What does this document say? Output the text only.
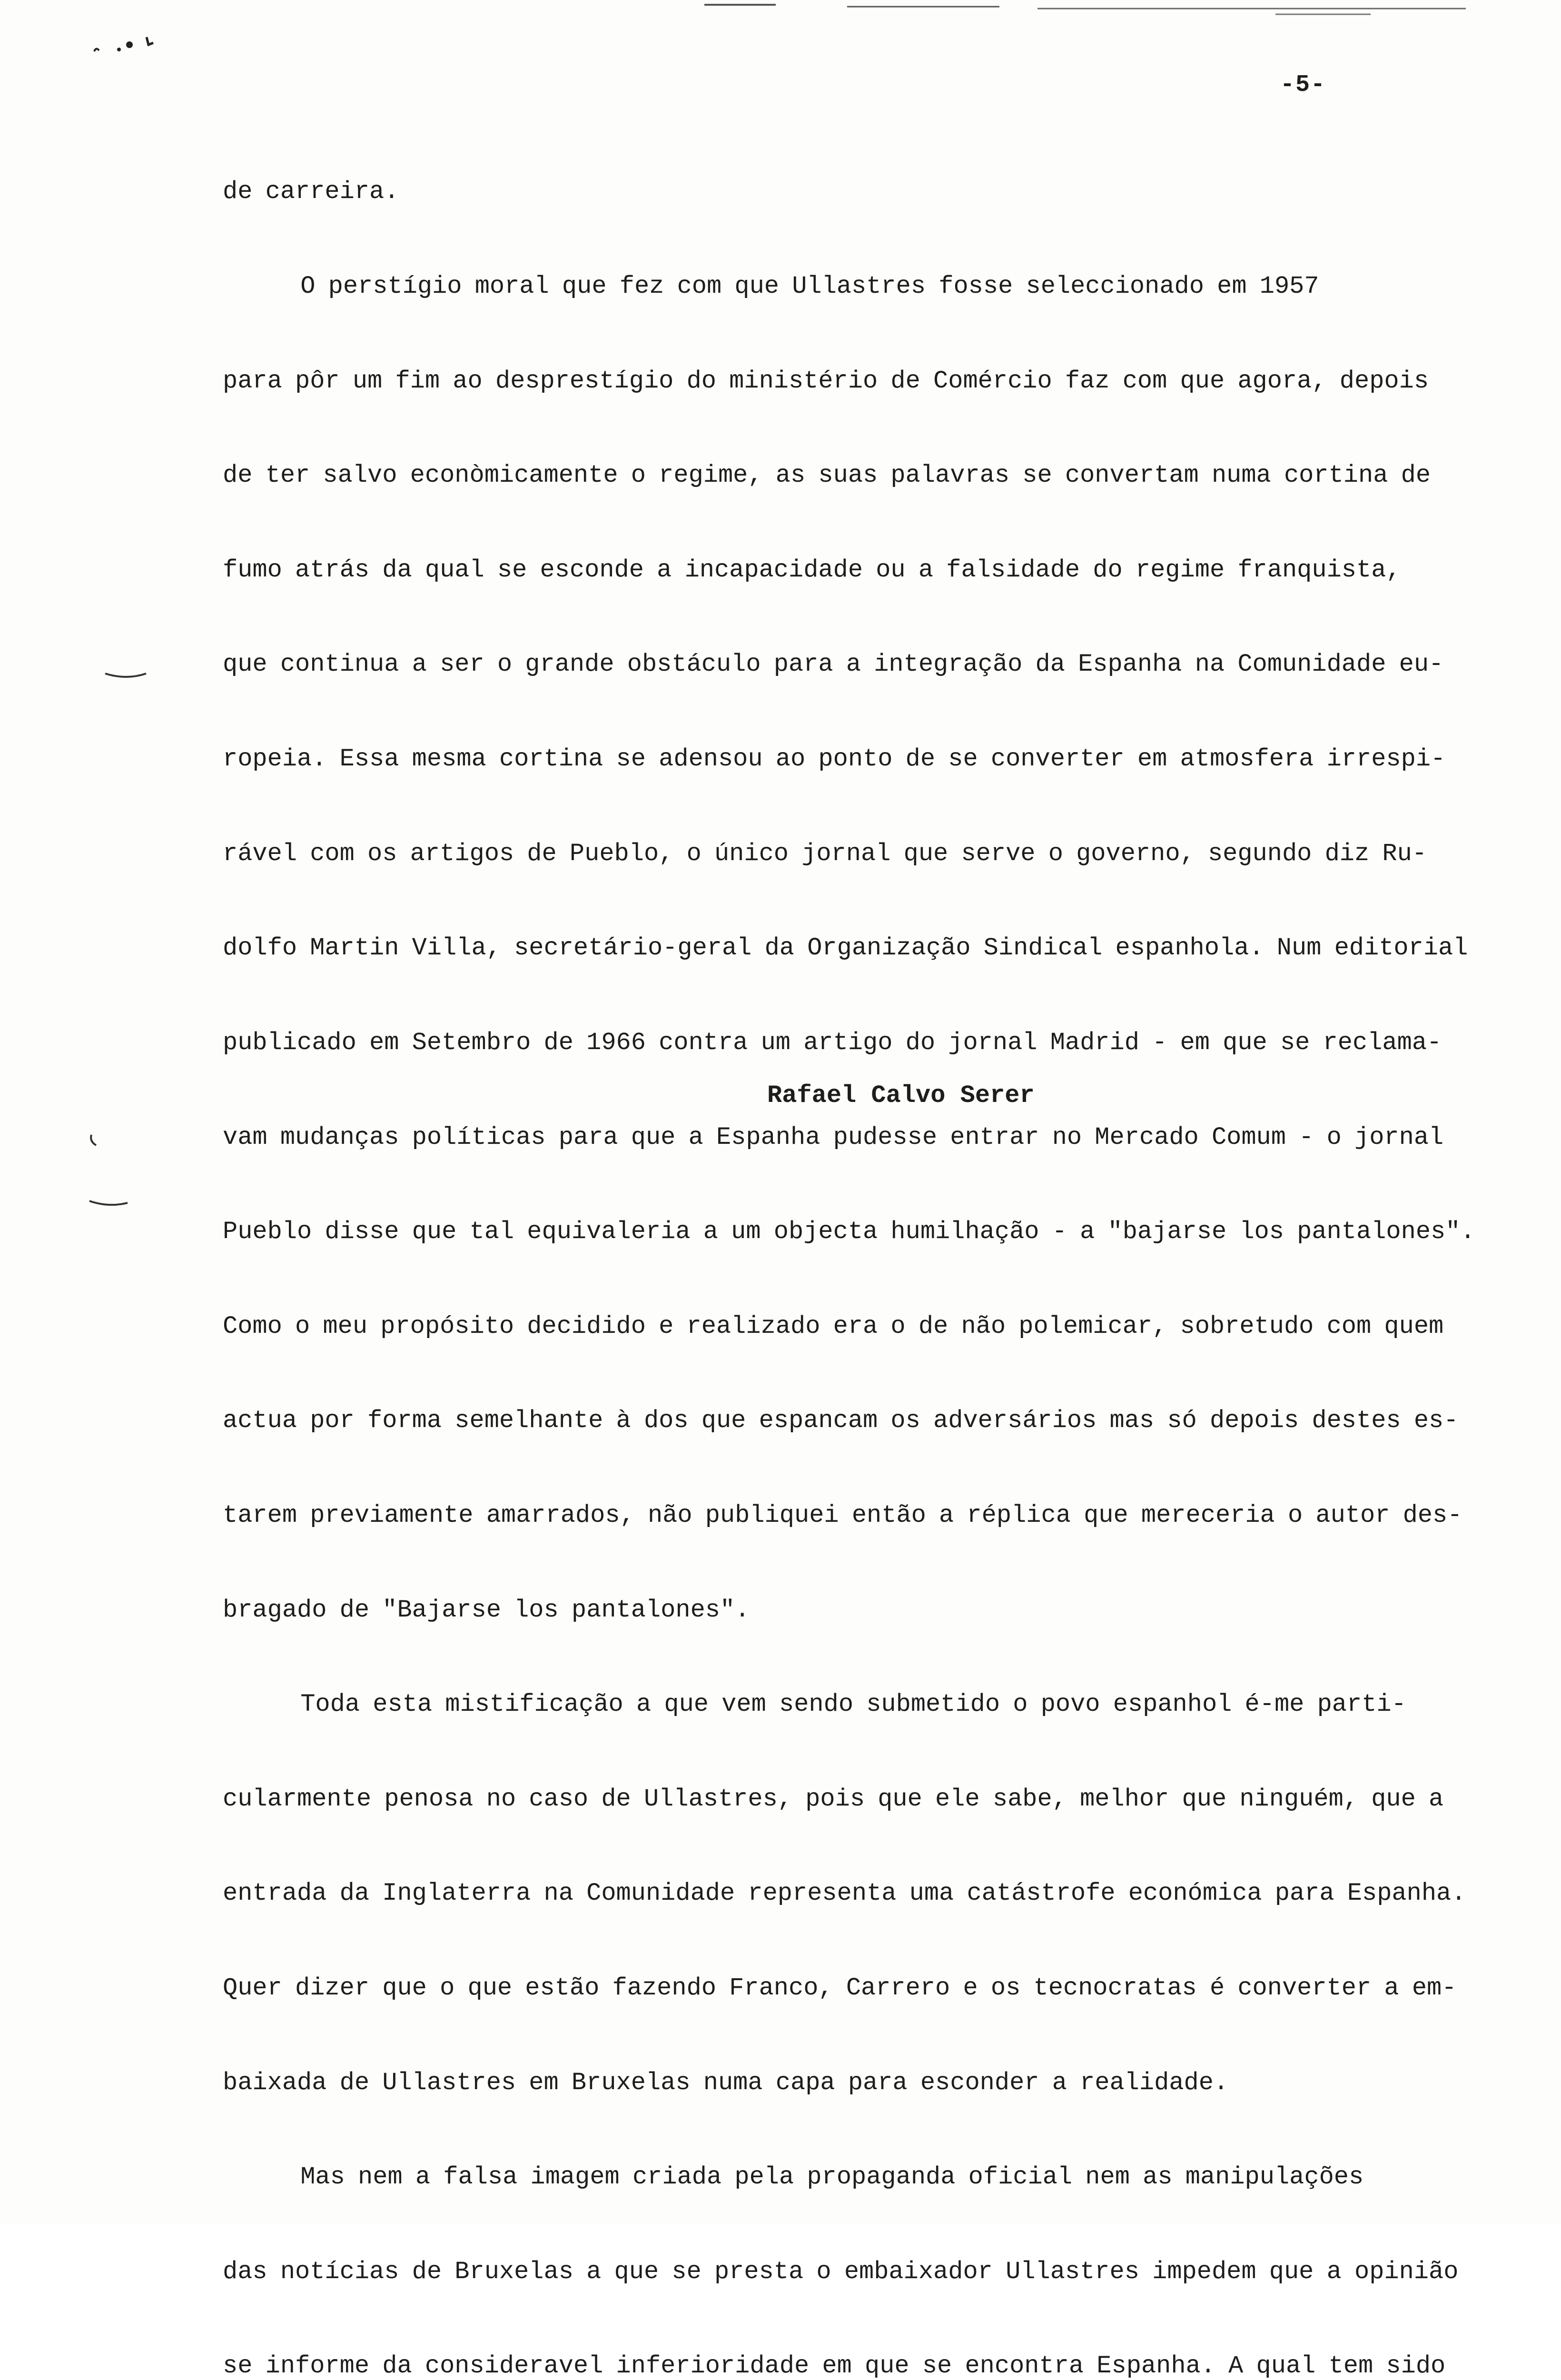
-5-

de carreira.

O perstígio moral que fez com que Ullastres fosse seleccionado em 1957

para pôr um fim ao desprestígio do ministério de Comércio faz com que agora, depois

de ter salvo econòmicamente o regime, as suas palavras se convertam numa cortina de

fumo atrás da qual se esconde a incapacidade ou a falsidade do regime franquista,

que continua a ser o grande obstáculo para a integração da Espanha na Comunidade eu-

ropeia. Essa mesma cortina se adensou ao ponto de se converter em atmosfera irrespi-

rável com os artigos de Pueblo, o único jornal que serve o governo, segundo diz Ru-

dolfo Martin Villa, secretário-geral da Organização Sindical espanhola. Num editorial

publicado em Setembro de 1966 contra um artigo do jornal Madrid - em que se reclama-

vam mudanças políticas para que a Espanha pudesse entrar no Mercado Comum - o jornal

Pueblo disse que tal equivaleria a um objecta humilhação - a "bajarse los pantalones".

Como o meu propósito decidido e realizado era o de não polemicar, sobretudo com quem

actua por forma semelhante à dos que espancam os adversários mas só depois destes es-

tarem previamente amarrados, não publiquei então a réplica que mereceria o autor des-

bragado de "Bajarse los pantalones".

Toda esta mistificação a que vem sendo submetido o povo espanhol é-me parti-

cularmente penosa no caso de Ullastres, pois que ele sabe, melhor que ninguém, que a

entrada da Inglaterra na Comunidade representa uma catástrofe económica para Espanha.

Quer dizer que o que estão fazendo Franco, Carrero e os tecnocratas é converter a em-

baixada de Ullastres em Bruxelas numa capa para esconder a realidade.

Mas nem a falsa imagem criada pela propaganda oficial nem as manipulações

das notícias de Bruxelas a que se presta o embaixador Ullastres impedem que a opinião

se informe da consideravel inferioridade em que se encontra Espanha. A qual tem sido

Rafael Calvo Serer
